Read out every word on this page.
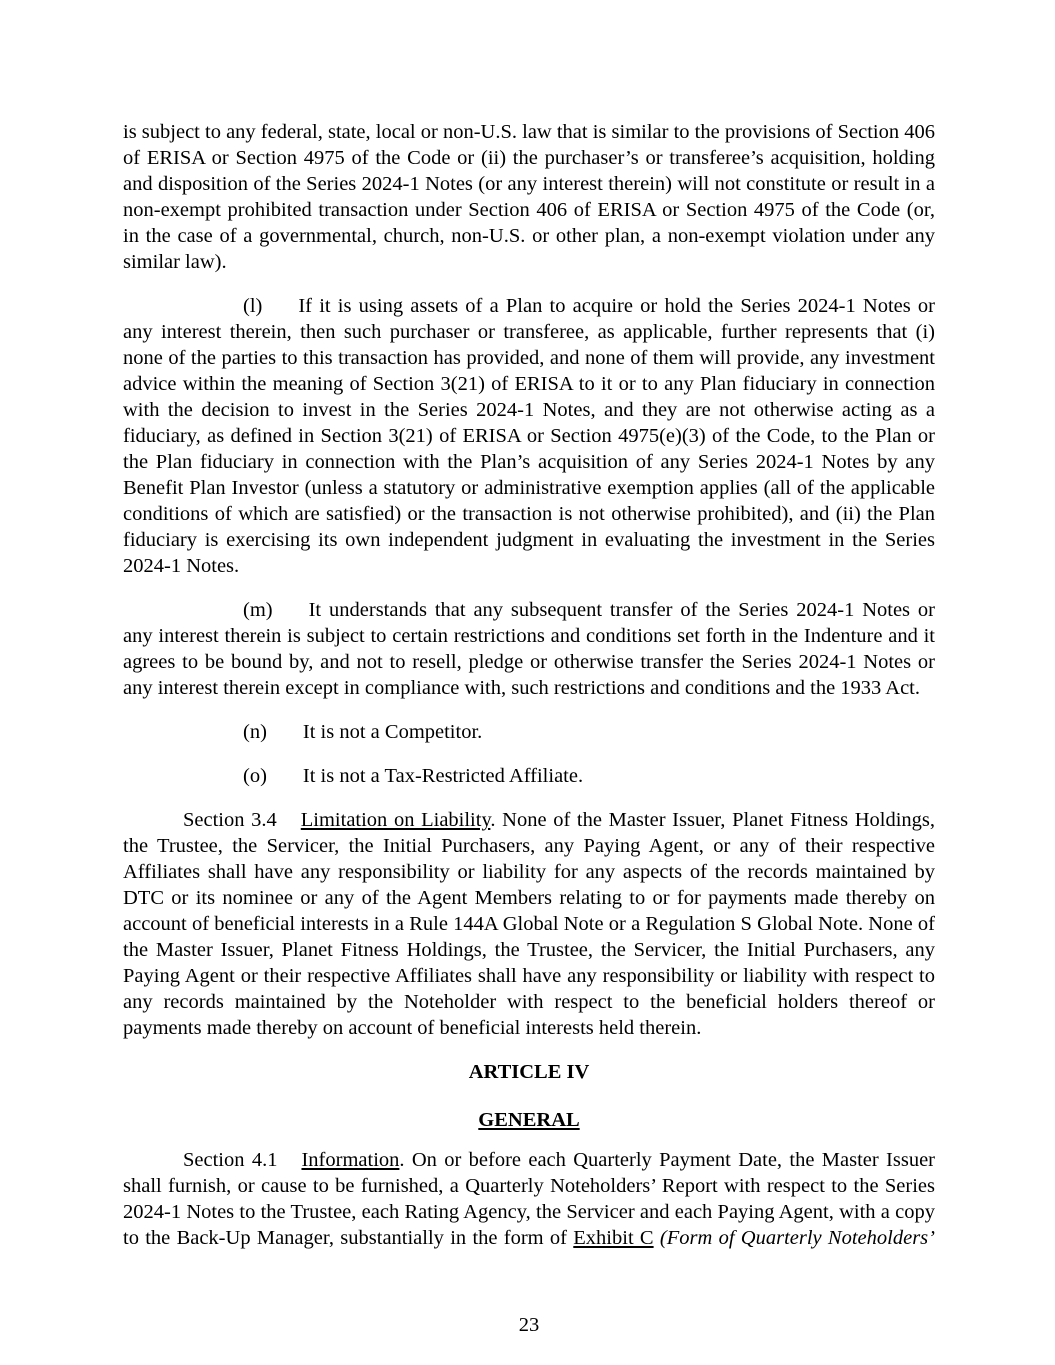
is subject to any federal, state, local or non-U.S. law that is similar to the provisions of Section 406 of ERISA or Section 4975 of the Code or (ii) the purchaser’s or transferee’s acquisition, holding and disposition of the Series 2024-1 Notes (or any interest therein) will not constitute or result in a non-exempt prohibited transaction under Section 406 of ERISA or Section 4975 of the Code (or, in the case of a governmental, church, non-U.S. or other plan, a non-exempt violation under any similar law).

(l) If it is using assets of a Plan to acquire or hold the Series 2024-1 Notes or any interest therein, then such purchaser or transferee, as applicable, further represents that (i) none of the parties to this transaction has provided, and none of them will provide, any investment advice within the meaning of Section 3(21) of ERISA to it or to any Plan fiduciary in connection with the decision to invest in the Series 2024-1 Notes, and they are not otherwise acting as a fiduciary, as defined in Section 3(21) of ERISA or Section 4975(e)(3) of the Code, to the Plan or the Plan fiduciary in connection with the Plan’s acquisition of any Series 2024-1 Notes by any Benefit Plan Investor (unless a statutory or administrative exemption applies (all of the applicable conditions of which are satisfied) or the transaction is not otherwise prohibited), and (ii) the Plan fiduciary is exercising its own independent judgment in evaluating the investment in the Series 2024-1 Notes.

(m) It understands that any subsequent transfer of the Series 2024-1 Notes or any interest therein is subject to certain restrictions and conditions set forth in the Indenture and it agrees to be bound by, and not to resell, pledge or otherwise transfer the Series 2024-1 Notes or any interest therein except in compliance with, such restrictions and conditions and the 1933 Act.

(n) It is not a Competitor.

(o) It is not a Tax-Restricted Affiliate.

Section 3.4 Limitation on Liability. None of the Master Issuer, Planet Fitness Holdings, the Trustee, the Servicer, the Initial Purchasers, any Paying Agent, or any of their respective Affiliates shall have any responsibility or liability for any aspects of the records maintained by DTC or its nominee or any of the Agent Members relating to or for payments made thereby on account of beneficial interests in a Rule 144A Global Note or a Regulation S Global Note. None of the Master Issuer, Planet Fitness Holdings, the Trustee, the Servicer, the Initial Purchasers, any Paying Agent or their respective Affiliates shall have any responsibility or liability with respect to any records maintained by the Noteholder with respect to the beneficial holders thereof or payments made thereby on account of beneficial interests held therein.

ARTICLE IV
GENERAL

Section 4.1 Information. On or before each Quarterly Payment Date, the Master Issuer shall furnish, or cause to be furnished, a Quarterly Noteholders’ Report with respect to the Series 2024-1 Notes to the Trustee, each Rating Agency, the Servicer and each Paying Agent, with a copy to the Back-Up Manager, substantially in the form of Exhibit C (Form of Quarterly Noteholders’

23
